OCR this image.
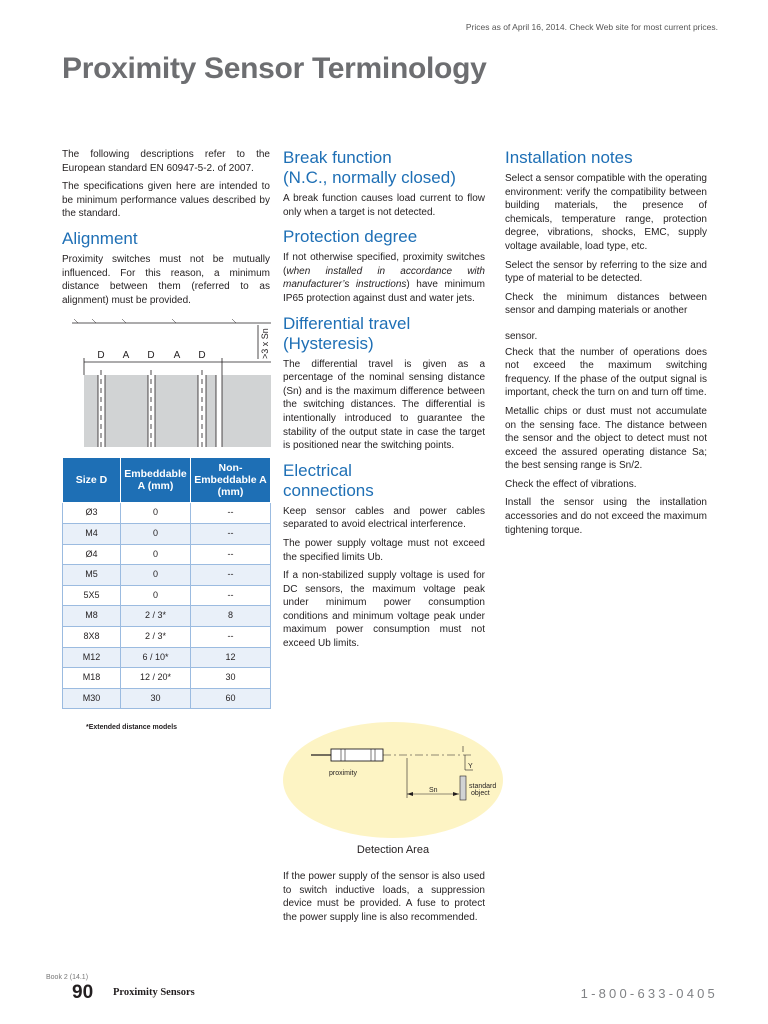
Prices as of April 16, 2014. Check Web site for most current prices.
Proximity Sensor Terminology

The following descriptions refer to the European standard EN 60947-5-2. of 2007.

The specifications given here are intended to be minimum performance values described by the standard.

Alignment

Proximity switches must not be mutually influenced. For this reason, a minimum distance between them (referred to as alignment) must be provided.

D A D A D	>3 x Sn
Size D	Embeddable A (mm)	Non-Embeddable A (mm)
Ø3	0	--
M4	0	--
Ø4	0	--
M5	0	--
5X5	0	--
M8	2 / 3*	8
8X8	2 / 3*	--
M12	6 / 10*	12
M18	12 / 20*	30
M30	30	60
*Extended distance models
Break function
(N.C., normally closed)

A break function causes load current to flow only when a target is not detected.

Protection degree

If not otherwise specified, proximity switches (when installed in accordance with manufacturer’s instructions) have minimum IP65 protection against dust and water jets.

Differential travel
(Hysteresis)

The differential travel is given as a percentage of the nominal sensing distance (Sn) and is the maximum difference between the switching distances. The differential is intentionally introduced to guarantee the stability of the output state in case the target is positioned near the switching points.

Electrical
connections

Keep sensor cables and power cables separated to avoid electrical interference.

The power supply voltage must not exceed the specified limits Ub.

If a non-stabilized supply voltage is used for DC sensors, the maximum voltage peak under minimum power consumption conditions and minimum voltage peak under maximum power consumption must not exceed Ub limits.

proximity
Y
Sn
standard
object
Detection Area

If the power supply of the sensor is also used to switch inductive loads, a suppression device must be provided. A fuse to protect the power supply line is also recommended.

Installation notes

Select a sensor compatible with the operating environment: verify the compatibility between building materials, the presence of chemicals, temperature range, protection degree, vibrations, shocks, EMC, supply voltage available, load type, etc.

Select the sensor by referring to the size and type of material to be detected.

Check the minimum distances between sensor and damping materials or another

sensor.

Check that the number of operations does not exceed the maximum switching frequency. If the phase of the output signal is important, check the turn on and turn off time.

Metallic chips or dust must not accumulate on the sensing face. The distance between the sensor and the object to detect must not exceed the assured operating distance Sa; the best sensing range is Sn/2.

Check the effect of vibrations.

Install the sensor using the installation accessories and do not exceed the maximum tightening torque.

Book 2 (14.1)
90 Proximity Sensors	1-800-633-0405
